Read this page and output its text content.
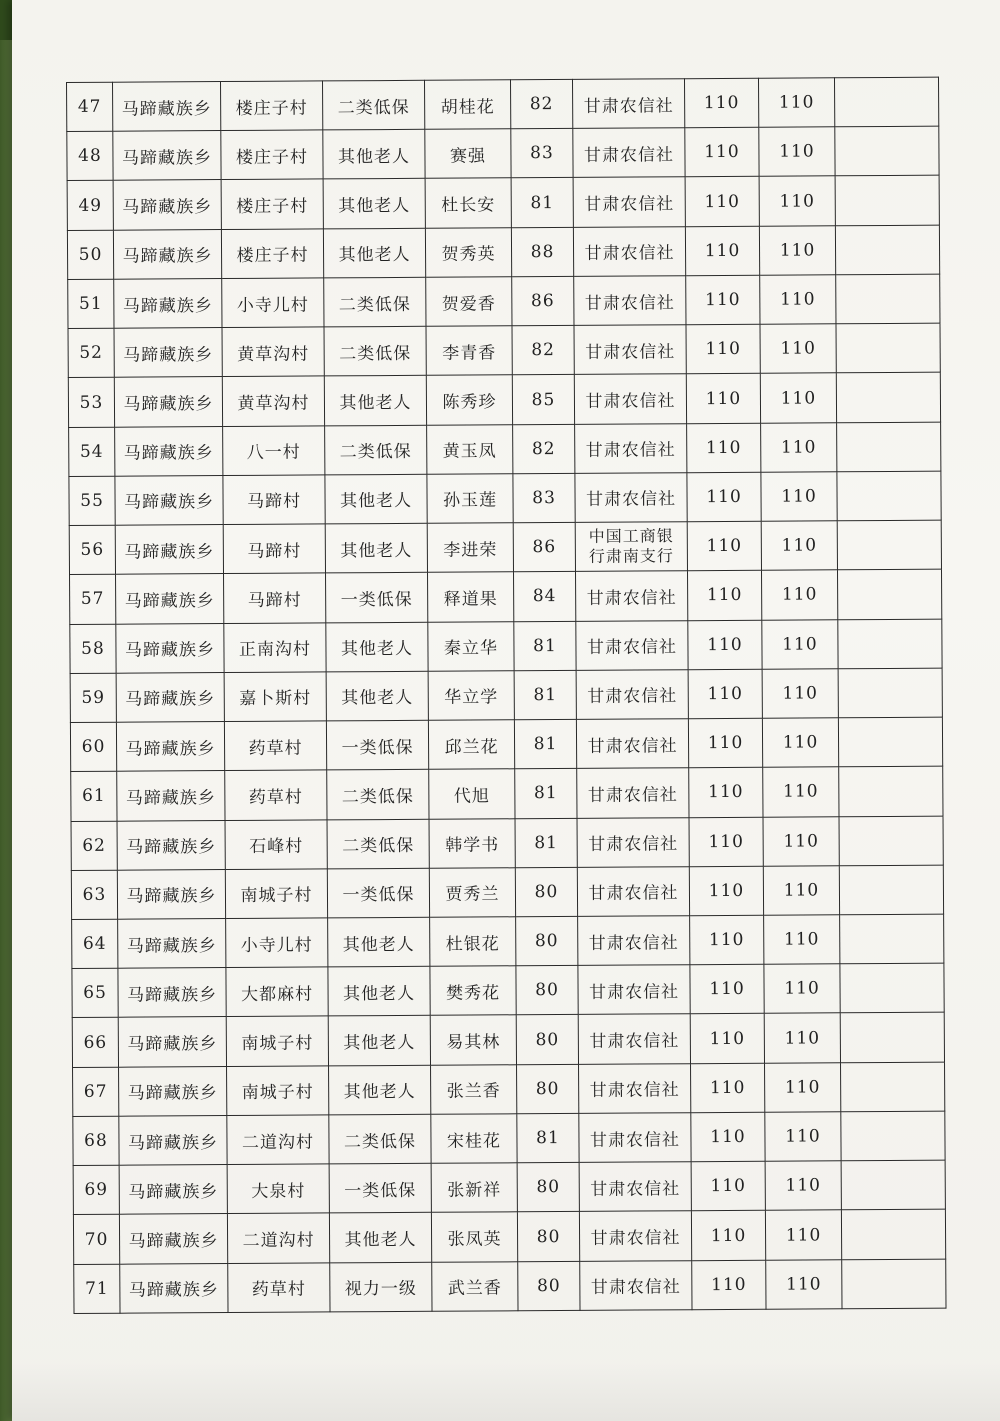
47	马蹄藏族乡	楼庄子村	二类低保	胡桂花	82	甘肃农信社	110	110	
48	马蹄藏族乡	楼庄子村	其他老人	赛强	83	甘肃农信社	110	110	
49	马蹄藏族乡	楼庄子村	其他老人	杜长安	81	甘肃农信社	110	110	
50	马蹄藏族乡	楼庄子村	其他老人	贺秀英	88	甘肃农信社	110	110	
51	马蹄藏族乡	小寺儿村	二类低保	贺爱香	86	甘肃农信社	110	110	
52	马蹄藏族乡	黄草沟村	二类低保	李青香	82	甘肃农信社	110	110	
53	马蹄藏族乡	黄草沟村	其他老人	陈秀珍	85	甘肃农信社	110	110	
54	马蹄藏族乡	八一村	二类低保	黄玉凤	82	甘肃农信社	110	110	
55	马蹄藏族乡	马蹄村	其他老人	孙玉莲	83	甘肃农信社	110	110	
56	马蹄藏族乡	马蹄村	其他老人	李进荣	86	中国工商银
行肃南支行	110	110	
57	马蹄藏族乡	马蹄村	一类低保	释道果	84	甘肃农信社	110	110	
58	马蹄藏族乡	正南沟村	其他老人	秦立华	81	甘肃农信社	110	110	
59	马蹄藏族乡	嘉卜斯村	其他老人	华立学	81	甘肃农信社	110	110	
60	马蹄藏族乡	药草村	一类低保	邱兰花	81	甘肃农信社	110	110	
61	马蹄藏族乡	药草村	二类低保	代旭	81	甘肃农信社	110	110	
62	马蹄藏族乡	石峰村	二类低保	韩学书	81	甘肃农信社	110	110	
63	马蹄藏族乡	南城子村	一类低保	贾秀兰	80	甘肃农信社	110	110	
64	马蹄藏族乡	小寺儿村	其他老人	杜银花	80	甘肃农信社	110	110	
65	马蹄藏族乡	大都麻村	其他老人	樊秀花	80	甘肃农信社	110	110	
66	马蹄藏族乡	南城子村	其他老人	易其林	80	甘肃农信社	110	110	
67	马蹄藏族乡	南城子村	其他老人	张兰香	80	甘肃农信社	110	110	
68	马蹄藏族乡	二道沟村	二类低保	宋桂花	81	甘肃农信社	110	110	
69	马蹄藏族乡	大泉村	一类低保	张新祥	80	甘肃农信社	110	110	
70	马蹄藏族乡	二道沟村	其他老人	张凤英	80	甘肃农信社	110	110	
71	马蹄藏族乡	药草村	视力一级	武兰香	80	甘肃农信社	110	110	
